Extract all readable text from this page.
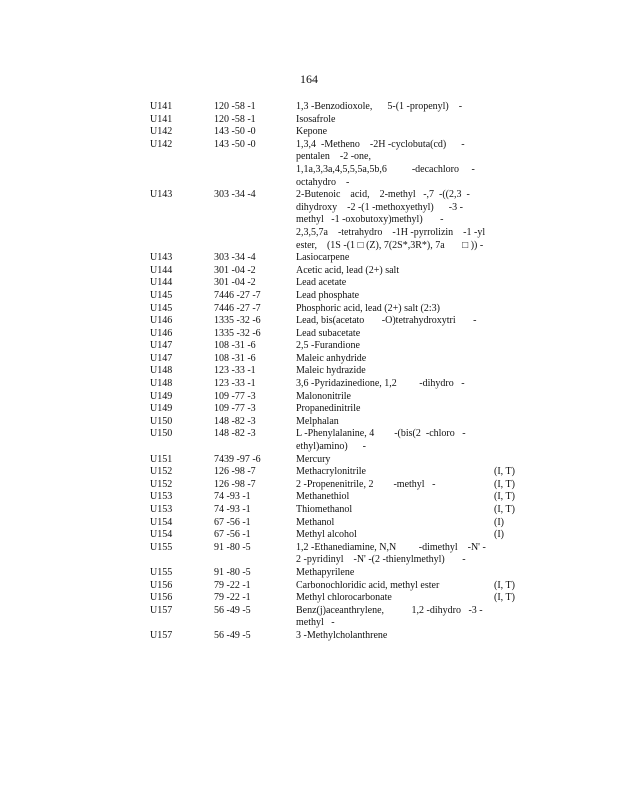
164
U141	120 -58 -1	1,3 -Benzodioxole,      5-(1 -propenyl)    -
U141	120 -58 -1	Isosafrole
U142	143 -50 -0	Kepone
U142	143 -50 -0	1,3,4  -Metheno    -2H -cyclobuta(cd)      -
pentalen    -2 -one,
1,1a,3,3a,4,5,5,5a,5b,6          -decachloro     -
octahydro    -
U143	303 -34 -4	2-Butenoic    acid,    2-methyl   -,7  -((2,3  -
dihydroxy    -2 -(1 -methoxyethyl)      -3 -
methyl   -1 -oxobutoxy)methyl)       -
2,3,5,7a    -tetrahydro    -1H -pyrrolizin    -1 -yl
ester,    (1S -(1 □ (Z), 7(2S*,3R*), 7a       □ )) -
U143	303 -34 -4	Lasiocarpene
U144	301 -04 -2	Acetic acid, lead (2+) salt
U144	301 -04 -2	Lead acetate
U145	7446 -27 -7	Lead phosphate
U145	7446 -27 -7	Phosphoric acid, lead (2+) salt (2:3)
U146	1335 -32 -6	Lead, bis(acetato       -O)tetrahydroxytri       -
U146	1335 -32 -6	Lead subacetate
U147	108 -31 -6	2,5 -Furandione
U147	108 -31 -6	Maleic anhydride
U148	123 -33 -1	Maleic hydrazide
U148	123 -33 -1	3,6 -Pyridazinedione, 1,2         -dihydro   -
U149	109 -77 -3	Malononitrile
U149	109 -77 -3	Propanedinitrile
U150	148 -82 -3	Melphalan
U150	148 -82 -3	L -Phenylalanine, 4        -(bis(2  -chloro   -
ethyl)amino)      -
U151	7439 -97 -6	Mercury
U152	126 -98 -7	Methacrylonitrile	(I, T)
U152	126 -98 -7	2 -Propenenitrile, 2        -methyl   -	(I, T)
U153	74 -93 -1	Methanethiol	(I, T)
U153	74 -93 -1	Thiomethanol	(I, T)
U154	67 -56 -1	Methanol	(I)
U154	67 -56 -1	Methyl alcohol	(I)
U155	91 -80 -5	1,2 -Ethanediamine, N,N         -dimethyl    -N' -
2 -pyridinyl    -N' -(2 -thienylmethyl)       -
U155	91 -80 -5	Methapyrilene
U156	79 -22 -1	Carbonochloridic acid, methyl ester	(I, T)
U156	79 -22 -1	Methyl chlorocarbonate	(I, T)
U157	56 -49 -5	Benz(j)aceanthrylene,           1,2 -dihydro   -3 -
methyl   -
U157	56 -49 -5	3 -Methylcholanthrene
